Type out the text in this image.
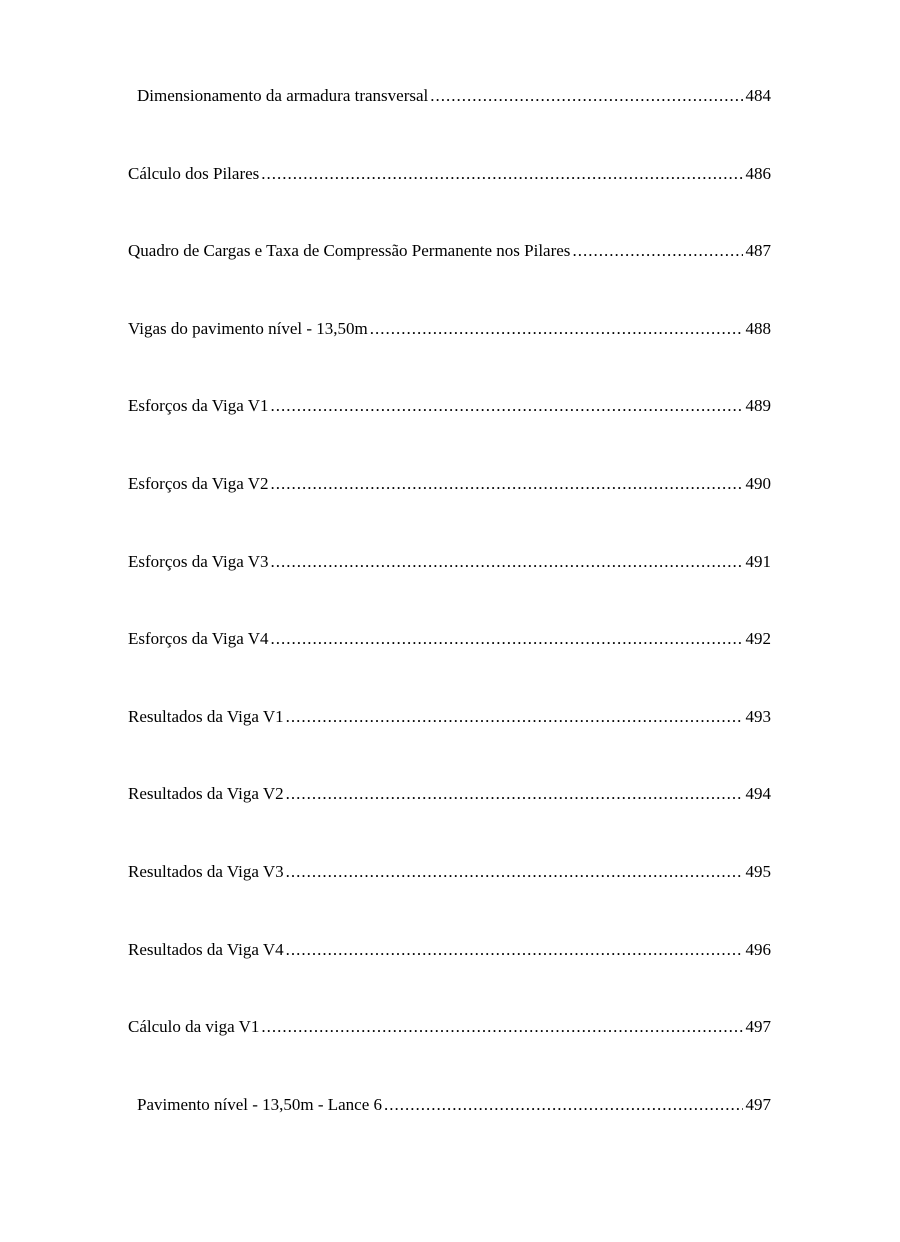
Dimensionamento da armadura transversal .....	484
Cálculo dos Pilares .....	486
Quadro de Cargas e Taxa de Compressão Permanente nos Pilares .....	487
Vigas do pavimento nível - 13,50m .....	488
Esforços da Viga V1 .....	489
Esforços da Viga V2 .....	490
Esforços da Viga V3 .....	491
Esforços da Viga V4 .....	492
Resultados da Viga V1 .....	493
Resultados da Viga V2 .....	494
Resultados da Viga V3 .....	495
Resultados da Viga V4 .....	496
Cálculo da viga V1 .....	497
Pavimento nível - 13,50m - Lance 6 .....	497
